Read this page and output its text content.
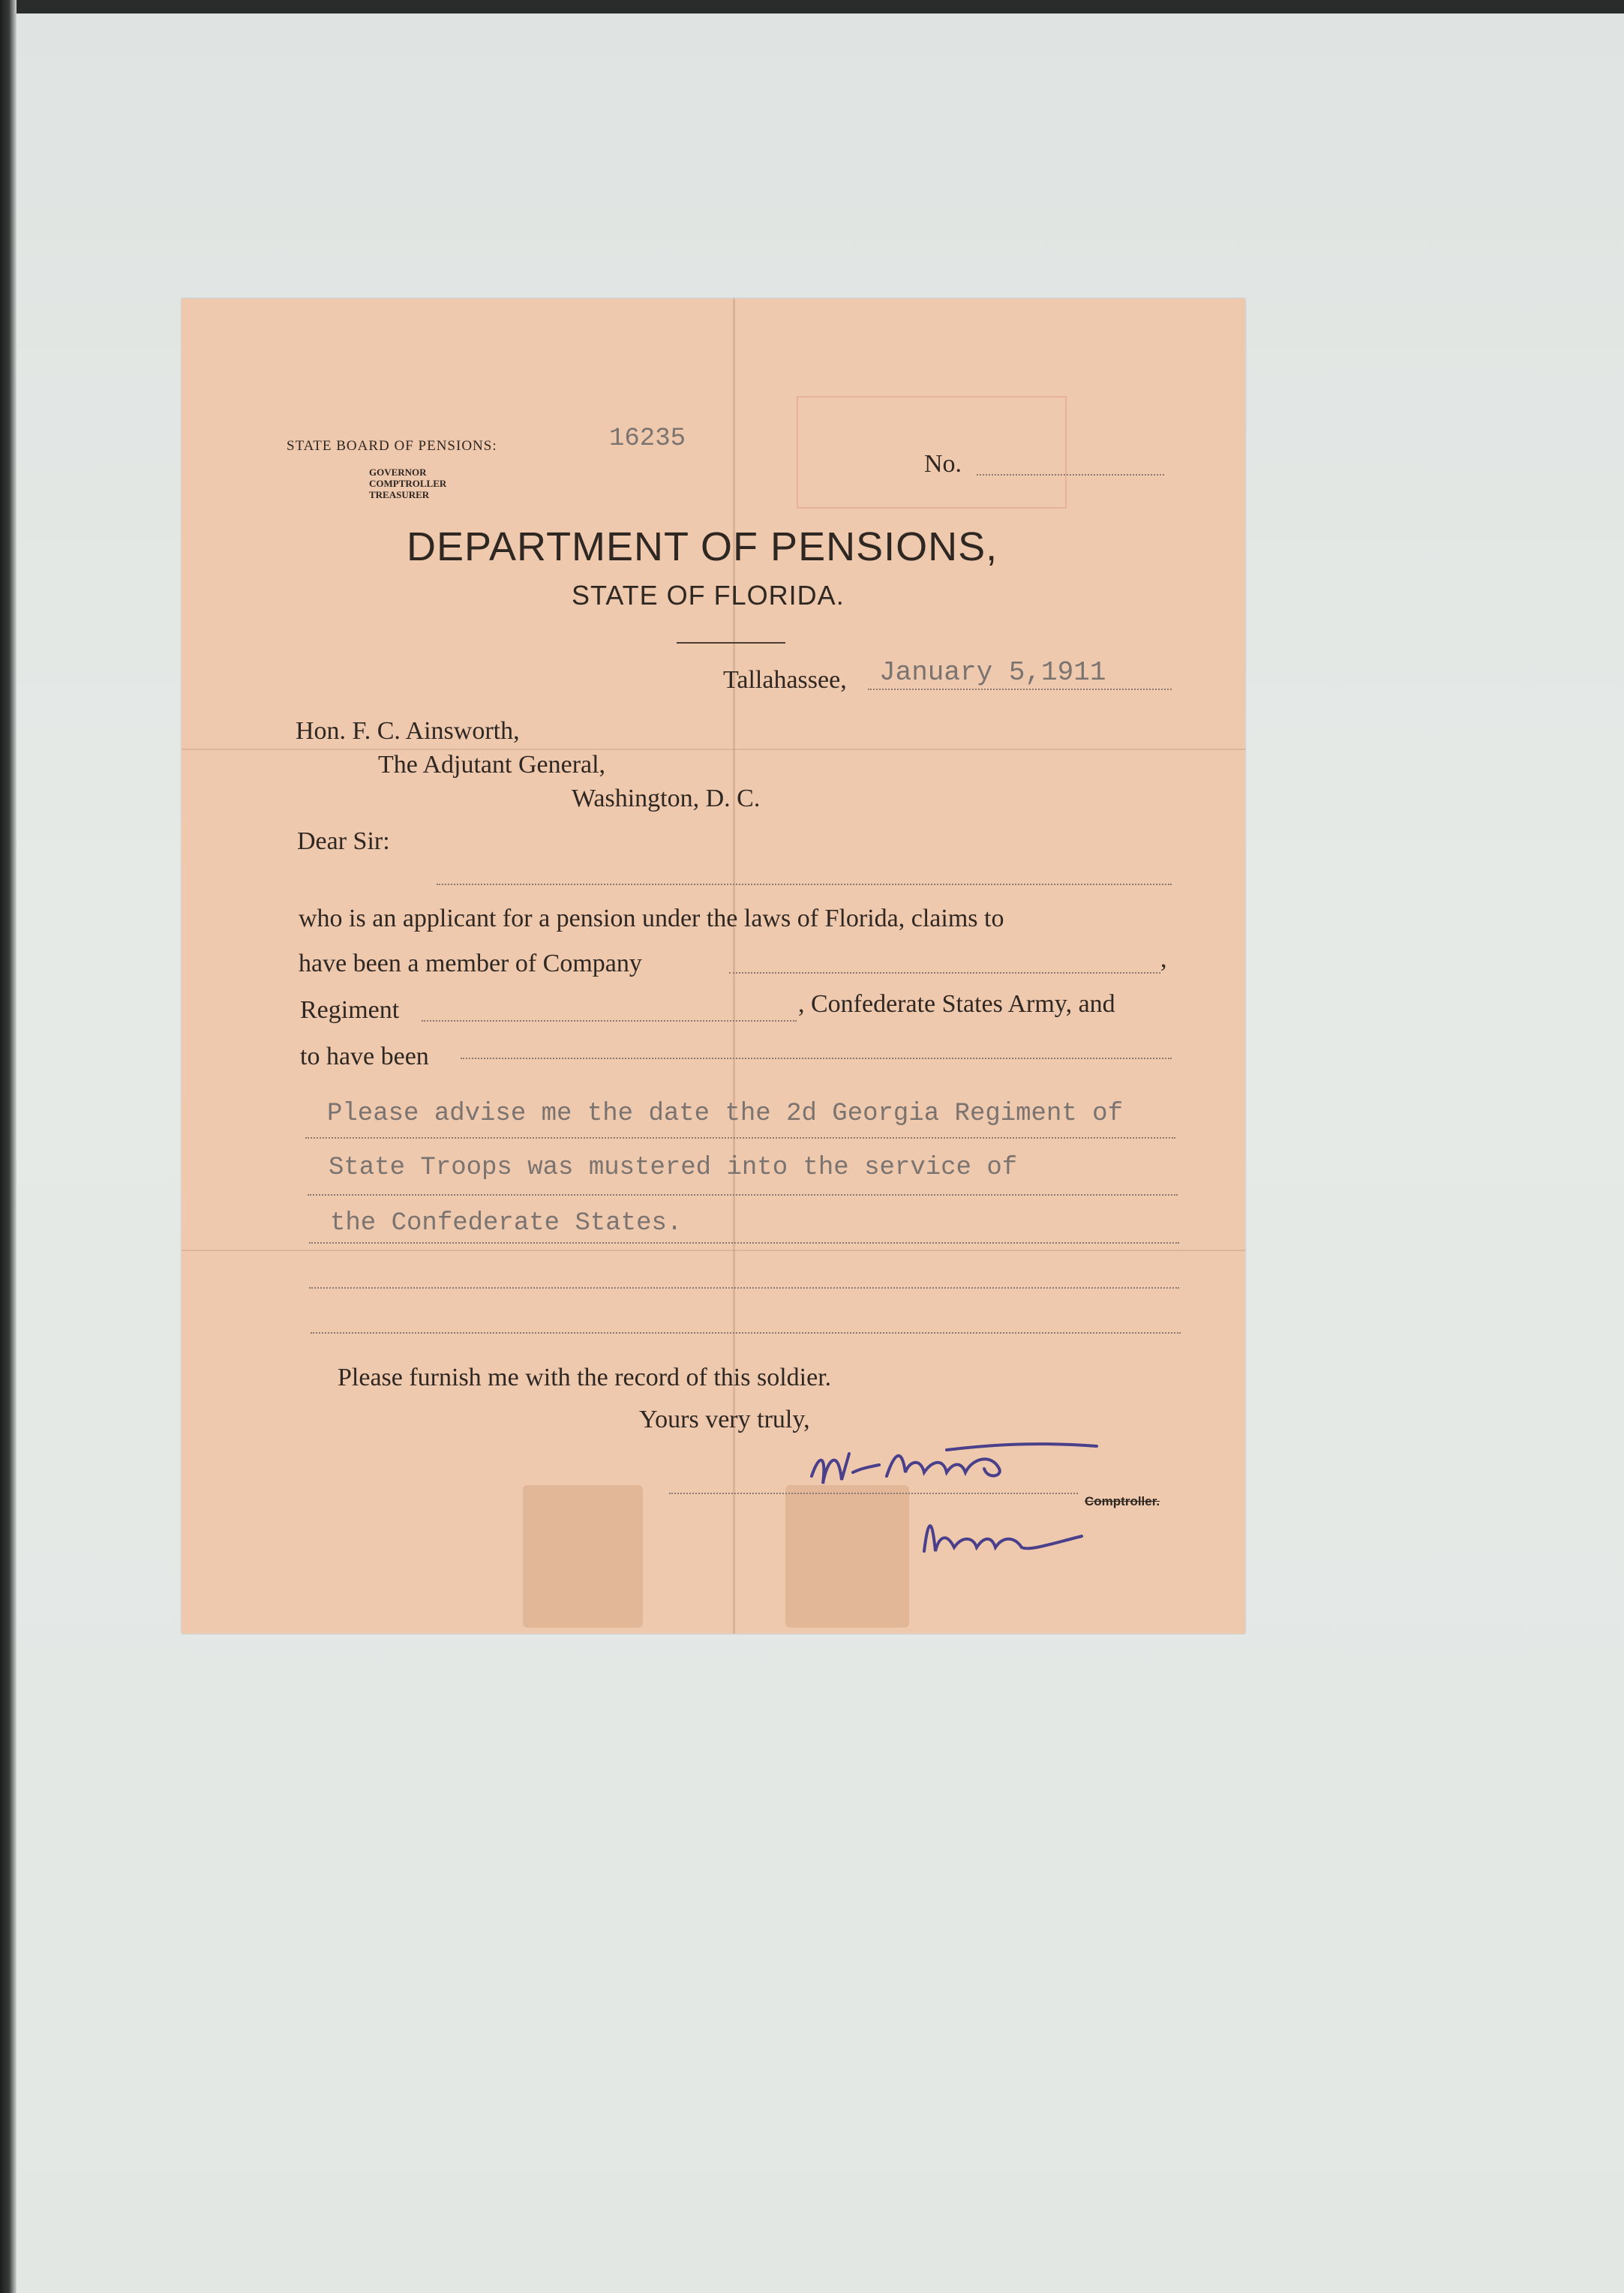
STATE BOARD OF PENSIONS:	16235
GOVERNOR
COMPTROLLER
TREASURER
No.
DEPARTMENT OF PENSIONS,
STATE OF FLORIDA.
Tallahassee, January 5,1911
Hon. F. C. Ainsworth,
The Adjutant General,
Washington, D. C.
Dear Sir:
who is an applicant for a pension under the laws of Florida, claims to
have been a member of Company	,
Regiment	, Confederate States Army, and
to have been
Please advise me the date the 2d Georgia Regiment of
State Troops was mustered into the service of
the Confederate States.
Please furnish me with the record of this soldier.
Yours very truly,
Comptroller.
